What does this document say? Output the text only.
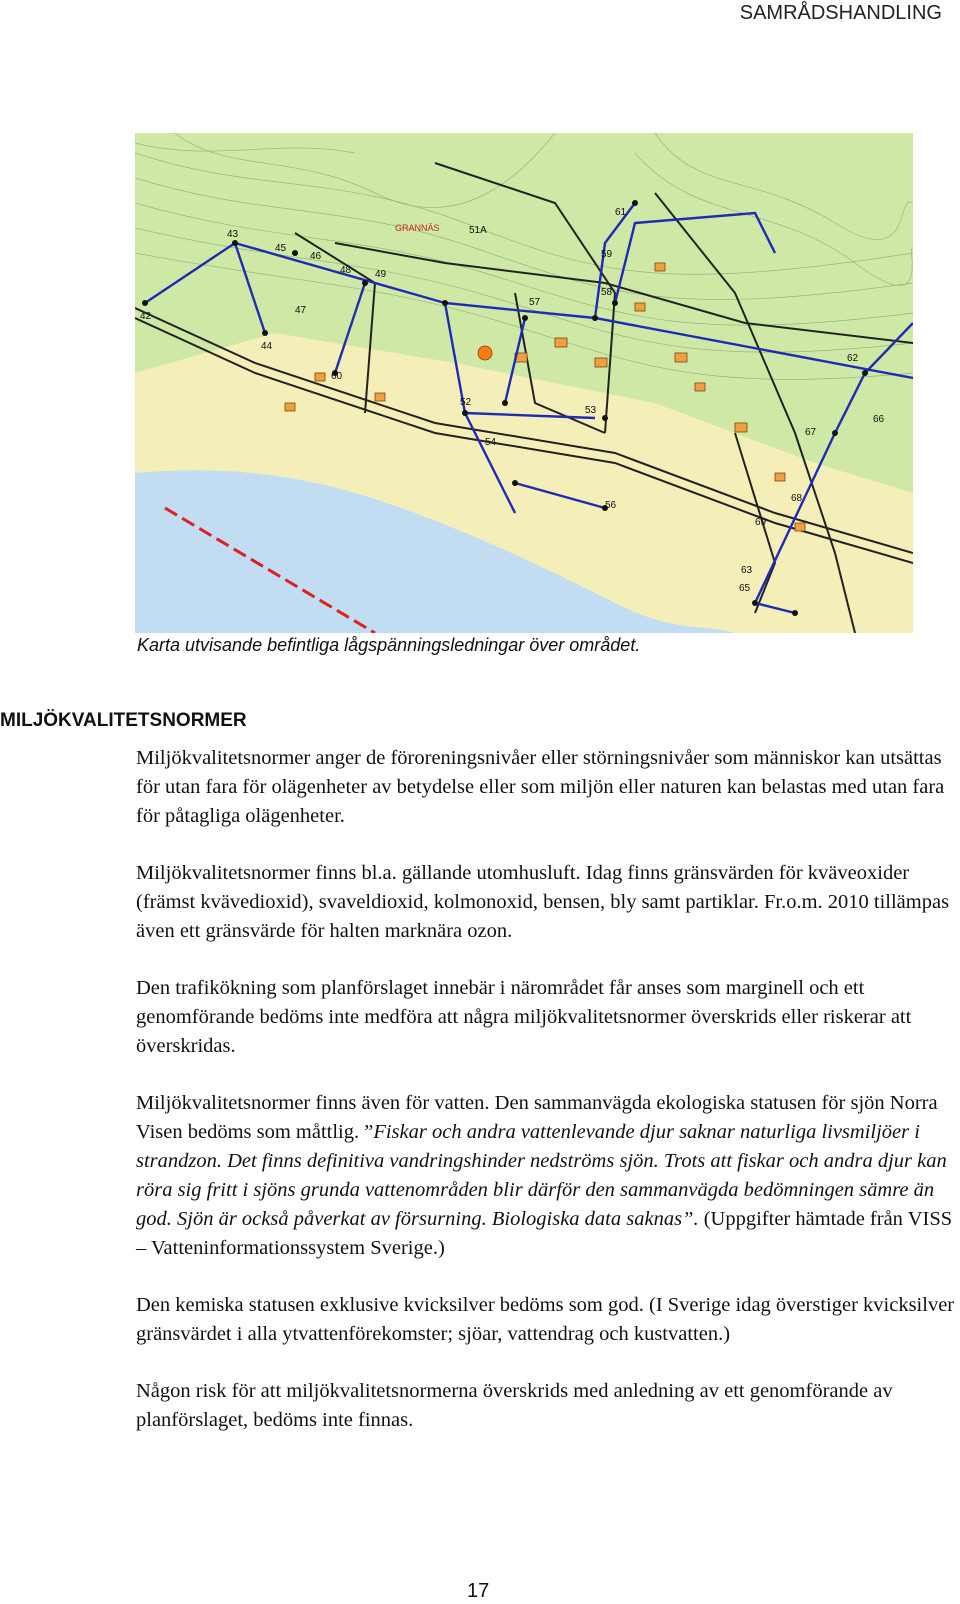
SAMRÅDSHANDLING
42
43
44
45
46
47
48 49
51A
52
53
54
56
57
58
59
60
61
62
63
65
66
67
68
69
GRANNÄS
Karta utvisande befintliga lågspänningsledningar över området.
MILJÖKVALITETSNORMER

Miljökvalitetsnormer anger de föroreningsnivåer eller störningsnivåer som människor kan utsättas för utan fara för olägenheter av betydelse eller som miljön eller naturen kan belastas med utan fara för påtagliga olägenheter.

Miljökvalitetsnormer finns bl.a. gällande utomhusluft. Idag finns gränsvärden för kväveoxider (främst kvävedioxid), svaveldioxid, kolmonoxid, bensen, bly samt partiklar. Fr.o.m. 2010 tillämpas även ett gränsvärde för halten marknära ozon.

Den trafikökning som planförslaget innebär i närområdet får anses som marginell och ett genomförande bedöms inte medföra att några miljökvalitetsnormer överskrids eller riskerar att överskridas.

Miljökvalitetsnormer finns även för vatten. Den sammanvägda ekologiska statusen för sjön Norra Visen bedöms som måttlig. ”Fiskar och andra vattenlevande djur saknar naturliga livsmiljöer i strandzon. Det finns definitiva vandringshinder nedströms sjön. Trots att fiskar och andra djur kan röra sig fritt i sjöns grunda vattenområden blir därför den sammanvägda bedömningen sämre än god. Sjön är också påverkat av försurning. Biologiska data saknas”. (Uppgifter hämtade från VISS – Vatteninformationssystem Sverige.)

Den kemiska statusen exklusive kvicksilver bedöms som god. (I Sverige idag överstiger kvicksilver gränsvärdet i alla ytvattenförekomster; sjöar, vattendrag och kustvatten.)

Någon risk för att miljökvalitetsnormerna överskrids med anledning av ett genomförande av planförslaget, bedöms inte finnas.

17
